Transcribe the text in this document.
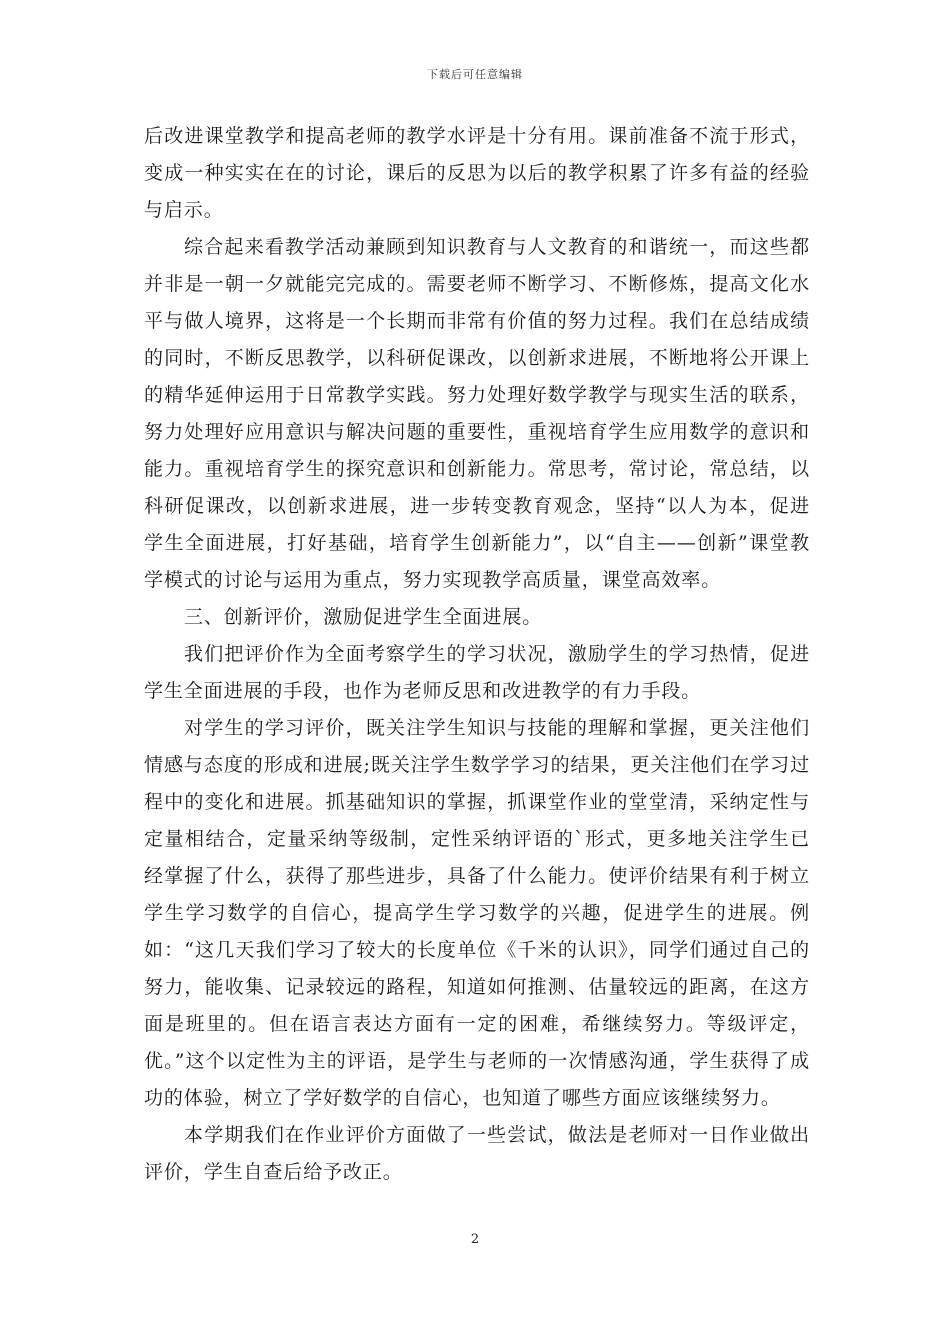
下载后可任意编辑

后改进课堂教学和提高老师的教学水评是十分有用。课前准备不流于形式，变成一种实实在在的讨论，课后的反思为以后的教学积累了许多有益的经验与启示。

综合起来看教学活动兼顾到知识教育与人文教育的和谐统一，而这些都并非是一朝一夕就能完完成的。需要老师不断学习、不断修炼，提高文化水平与做人境界，这将是一个长期而非常有价值的努力过程。我们在总结成绩的同时，不断反思教学，以科研促课改，以创新求进展，不断地将公开课上的精华延伸运用于日常教学实践。努力处理好数学教学与现实生活的联系，努力处理好应用意识与解决问题的重要性，重视培育学生应用数学的意识和能力。重视培育学生的探究意识和创新能力。常思考，常讨论，常总结，以科研促课改，以创新求进展，进一步转变教育观念，坚持“以人为本，促进学生全面进展，打好基础，培育学生创新能力”，以“自主——创新”课堂教学模式的讨论与运用为重点，努力实现教学高质量，课堂高效率。

三、创新评价，激励促进学生全面进展。

我们把评价作为全面考察学生的学习状况，激励学生的学习热情，促进学生全面进展的手段，也作为老师反思和改进教学的有力手段。

对学生的学习评价，既关注学生知识与技能的理解和掌握，更关注他们情感与态度的形成和进展;既关注学生数学学习的结果，更关注他们在学习过程中的变化和进展。抓基础知识的掌握，抓课堂作业的堂堂清，采纳定性与定量相结合，定量采纳等级制，定性采纳评语的`形式，更多地关注学生已经掌握了什么，获得了那些进步，具备了什么能力。使评价结果有利于树立学生学习数学的自信心，提高学生学习数学的兴趣，促进学生的进展。例如：“这几天我们学习了较大的长度单位《千米的认识》，同学们通过自己的努力，能收集、记录较远的路程，知道如何推测、估量较远的距离，在这方面是班里的。但在语言表达方面有一定的困难，希继续努力。等级评定，优。”这个以定性为主的评语，是学生与老师的一次情感沟通，学生获得了成功的体验，树立了学好数学的自信心，也知道了哪些方面应该继续努力。

本学期我们在作业评价方面做了一些尝试，做法是老师对一日作业做出评价，学生自查后给予改正。

2
